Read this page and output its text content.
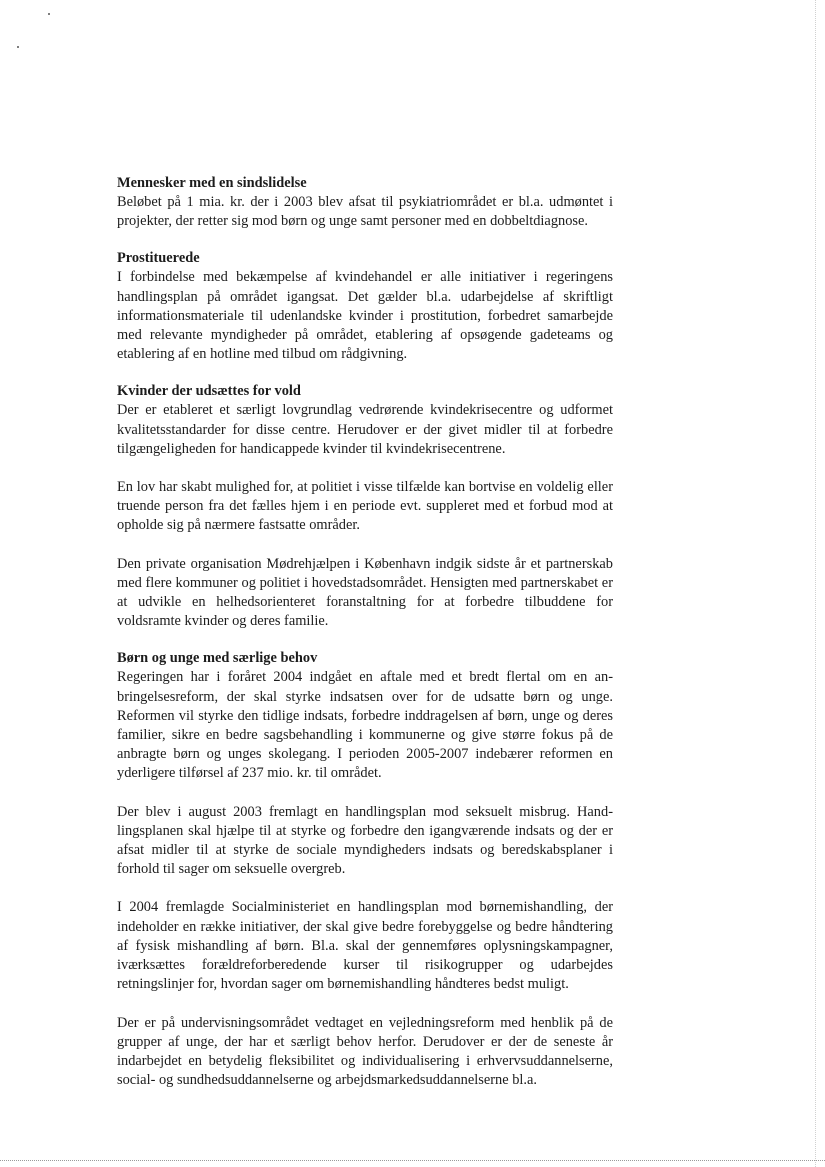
Mennesker med en sindslidelse

Beløbet på 1 mia. kr. der i 2003 blev afsat til psykiatriområdet er bl.a. udmøntet i projekter, der retter sig mod børn og unge samt personer med en dobbeltdiagnose.

Prostituerede

I forbindelse med bekæmpelse af kvindehandel er alle initiativer i regeringens handlingsplan på området igangsat. Det gælder bl.a. udarbejdelse af skriftligt informationsmateriale til udenlandske kvinder i prostitution, forbedret samarbejde med relevante myndigheder på området, etablering af opsøgende gadeteams og etablering af en hotline med tilbud om rådgivning.

Kvinder der udsættes for vold

Der er etableret et særligt lovgrundlag vedrørende kvindekrisecentre og udformet kvalitetsstandarder for disse centre. Herudover er der givet midler til at forbedre tilgængeligheden for handicappede kvinder til kvindekrisecentrene.

En lov har skabt mulighed for, at politiet i visse tilfælde kan bortvise en voldelig eller truende person fra det fælles hjem i en periode evt. suppleret med et forbud mod at opholde sig på nærmere fastsatte områder.

Den private organisation Mødrehjælpen i København indgik sidste år et partnerskab med flere kommuner og politiet i hovedstadsområdet. Hensigten med partnerskabet er at udvikle en helhedsorienteret foranstaltning for at forbedre tilbuddene for voldsramte kvinder og deres familie.

Børn og unge med særlige behov

Regeringen har i foråret 2004 indgået en aftale med et bredt flertal om en anbringelsesreform, der skal styrke indsatsen over for de udsatte børn og unge. Reformen vil styrke den tidlige indsats, forbedre inddragelsen af børn, unge og deres familier, sikre en bedre sagsbehandling i kommunerne og give større fokus på de anbragte børn og unges skolegang. I perioden 2005-2007 indebærer reformen en yderligere tilførsel af 237 mio. kr. til området.

Der blev i august 2003 fremlagt en handlingsplan mod seksuelt misbrug. Handlingsplanen skal hjælpe til at styrke og forbedre den igangværende indsats og der er afsat midler til at styrke de sociale myndigheders indsats og beredskabsplaner i forhold til sager om seksuelle overgreb.

I 2004 fremlagde Socialministeriet en handlingsplan mod børnemishandling, der indeholder en række initiativer, der skal give bedre forebyggelse og bedre håndtering af fysisk mishandling af børn. Bl.a. skal der gennemføres oplysningskampagner, iværksættes forældreforberedende kurser til risikogrupper og udarbejdes retningslinjer for, hvordan sager om børnemishandling håndteres bedst muligt.

Der er på undervisningsområdet vedtaget en vejledningsreform med henblik på de grupper af unge, der har et særligt behov herfor. Derudover er der de seneste år indarbejdet en betydelig fleksibilitet og individualisering i erhvervsuddannelserne, social- og sundhedsuddannelserne og arbejdsmarkedsuddannelserne bl.a.
